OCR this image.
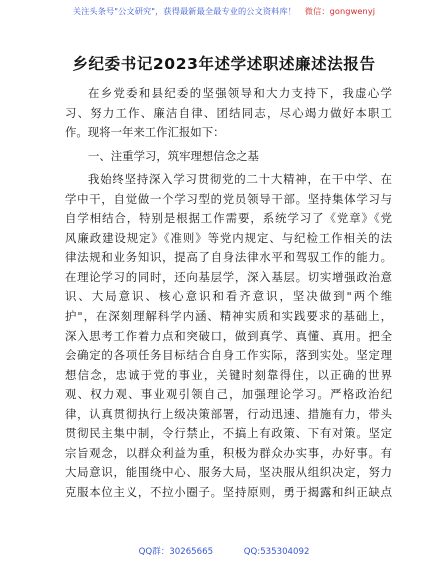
关注头条号"公文研究"，获得最新最全最专业的公文资料库！ 微信：gongwenyj
乡纪委书记2023年述学述职述廉述法报告
在乡党委和县纪委的坚强领导和大力支持下，我虚心学
习、努力工作、廉洁自律、团结同志，尽心竭力做好本职工
作。现将一年来工作汇报如下：
一、注重学习，筑牢理想信念之基
我始终坚持深入学习贯彻党的二十大精神，在干中学、在
学中干，自觉做一个学习型的党员领导干部。坚持集体学习与
自学相结合，特别是根据工作需要，系统学习了《党章》《党
风廉政建设规定》《准则》等党内规定、与纪检工作相关的法
律法规和业务知识，提高了自身法律水平和驾驭工作的能力。
在理论学习的同时，还向基层学，深入基层。切实增强政治意
识、大局意识、核心意识和看齐意识，坚决做到"两个维
护"，在深刻理解科学内涵、精神实质和实践要求的基础上，
深入思考工作着力点和突破口，做到真学、真懂、真用。把全
会确定的各项任务目标结合自身工作实际，落到实处。坚定理
想信念，忠诚于党的事业，关键时刻靠得住，以正确的世界
观、权力观、事业观引领自己，加强理论学习。严格政治纪
律，认真贯彻执行上级决策部署，行动迅速、措施有力，带头
贯彻民主集中制，令行禁止，不搞上有政策、下有对策。坚定
宗旨观念，以群众利益为重，积极为群众办实事，办好事。有
大局意识，能围绕中心、服务大局，坚决服从组织决定，努力
克服本位主义，不拉小圈子。坚持原则，勇于揭露和纠正缺点
QQ群：30265665	QQ:535304092
